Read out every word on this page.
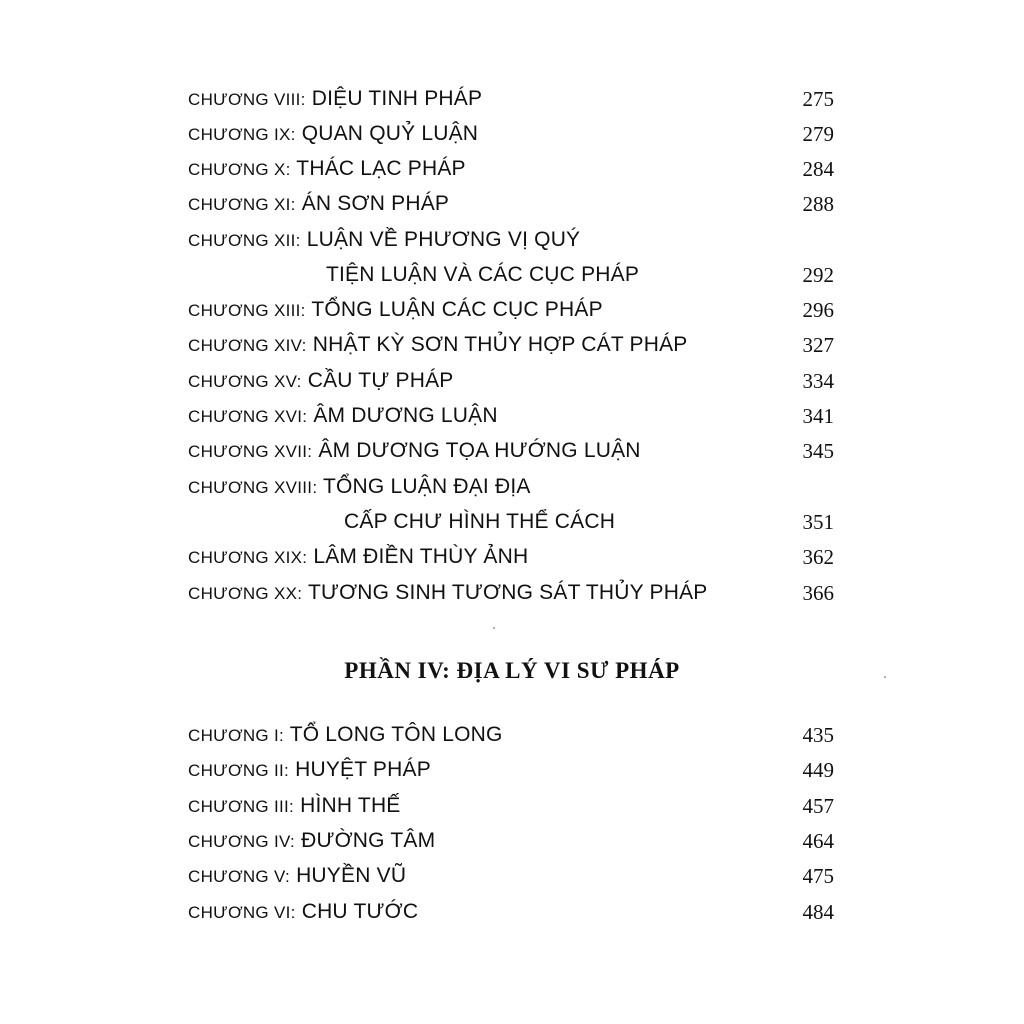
CHƯƠNG VIII: DIỆU TINH PHÁP	275
CHƯƠNG IX: QUAN QUỶ LUẬN	279
CHƯƠNG X: THÁC LẠC PHÁP	284
CHƯƠNG XI: ÁN SƠN PHÁP	288
CHƯƠNG XII: LUẬN VỀ PHƯƠNG VỊ QUÝ
TIỆN LUẬN VÀ CÁC CỤC PHÁP	292
CHƯƠNG XIII: TỔNG LUẬN CÁC CỤC PHÁP	296
CHƯƠNG XIV: NHẬT KỲ SƠN THỦY HỢP CÁT PHÁP	327
CHƯƠNG XV: CẦU TỰ PHÁP	334
CHƯƠNG XVI: ÂM DƯƠNG LUẬN	341
CHƯƠNG XVII: ÂM DƯƠNG TỌA HƯỚNG LUẬN	345
CHƯƠNG XVIII: TỔNG LUẬN ĐẠI ĐỊA
CẤP CHƯ HÌNH THỂ CÁCH	351
CHƯƠNG XIX: LÂM ĐIỀN THÙY ẢNH	362
CHƯƠNG XX: TƯƠNG SINH TƯƠNG SÁT THỦY PHÁP	366
PHẦN IV: ĐỊA LÝ VI SƯ PHÁP
CHƯƠNG I: TỔ LONG TÔN LONG	435
CHƯƠNG II: HUYỆT PHÁP	449
CHƯƠNG III: HÌNH THẾ	457
CHƯƠNG IV: ĐƯỜNG TÂM	464
CHƯƠNG V: HUYỀN VŨ	475
CHƯƠNG VI: CHU TƯỚC	484
